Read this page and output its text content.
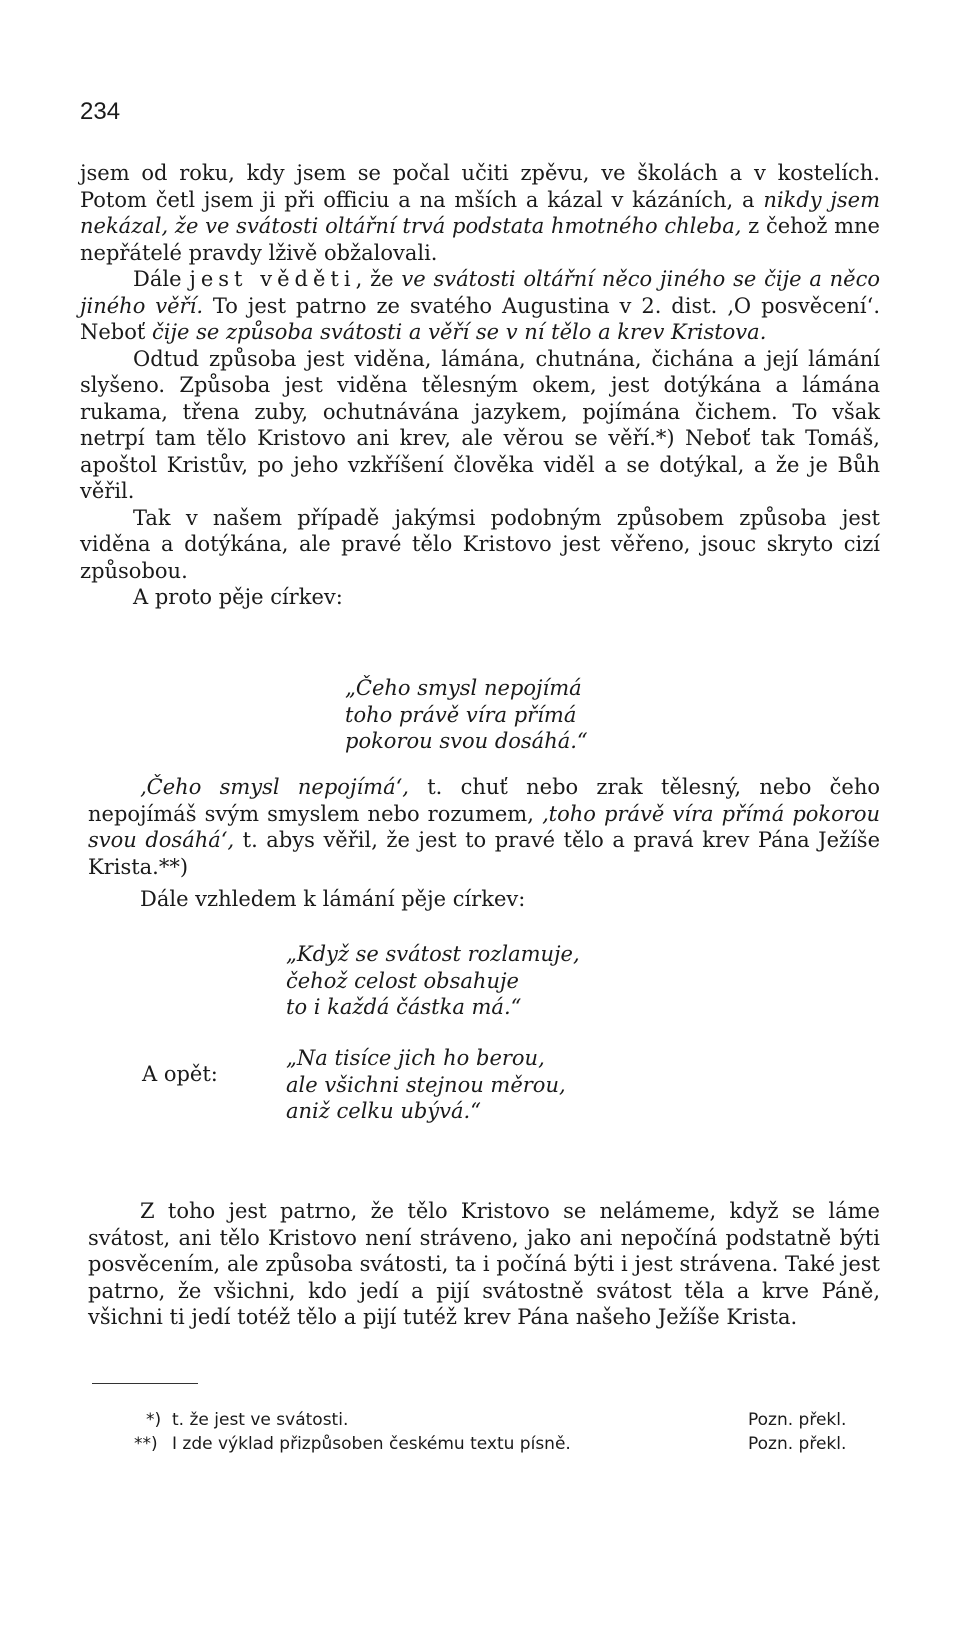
234

jsem od roku, kdy jsem se počal učiti zpěvu, ve školách a v kostelích. Potom četl jsem ji při officiu a na mších a kázal v kázáních, a nikdy jsem nekázal, že ve svátosti oltářní trvá podstata hmotného chleba, z čehož mne nepřátelé pravdy lživě obžalovali.

Dále jest věděti, že ve svátosti oltářní něco jiného se čije a něco jiného věří. To jest patrno ze svatého Augustina v 2. dist. ‚O posvěcení‘. Neboť čije se způsoba svátosti a věří se v ní tělo a krev Kristova.

Odtud způsoba jest viděna, lámána, chutnána, čichána a její lámání slyšeno. Způsoba jest viděna tělesným okem, jest dotýkána a lámána rukama, třena zuby, ochutnávána jazykem, pojímána čichem. To však netrpí tam tělo Kristovo ani krev, ale věrou se věří.*) Neboť tak Tomáš, apoštol Kristův, po jeho vzkříšení člověka viděl a se dotýkal, a že je Bůh věřil.

Tak v našem případě jakýmsi podobným způsobem způsoba jest viděna a dotýkána, ale pravé tělo Kristovo jest věřeno, jsouc skryto cizí způsobou.

A proto pěje církev:

„Čeho smysl nepojímá
toho právě víra přímá
pokorou svou dosáhá.“

‚Čeho smysl nepojímá‘, t. chuť nebo zrak tělesný, nebo čeho nepojímáš svým smyslem nebo rozumem, ‚toho právě víra přímá pokorou svou dosáhá‘, t. abys věřil, že jest to pravé tělo a pravá krev Pána Ježíše Krista.**)

Dále vzhledem k lámání pěje církev:

„Když se svátost rozlamuje,
čehož celost obsahuje
to i každá částka má.“
A opět:
„Na tisíce jich ho berou,
ale všichni stejnou měrou,
aniž celku ubývá.“

Z toho jest patrno, že tělo Kristovo se nelámeme, když se láme svátost, ani tělo Kristovo není stráveno, jako ani nepočíná podstatně býti posvěcením, ale způsoba svátosti, ta i počíná býti i jest strávena. Také jest patrno, že všichni, kdo jedí a pijí svátostně svátost těla a krve Páně, všichni ti jedí totéž tělo a pijí tutéž krev Pána našeho Ježíše Krista.

*) t. že jest ve svátosti.	Pozn. překl.
**) I zde výklad přizpůsoben českému textu písně.	Pozn. překl.
